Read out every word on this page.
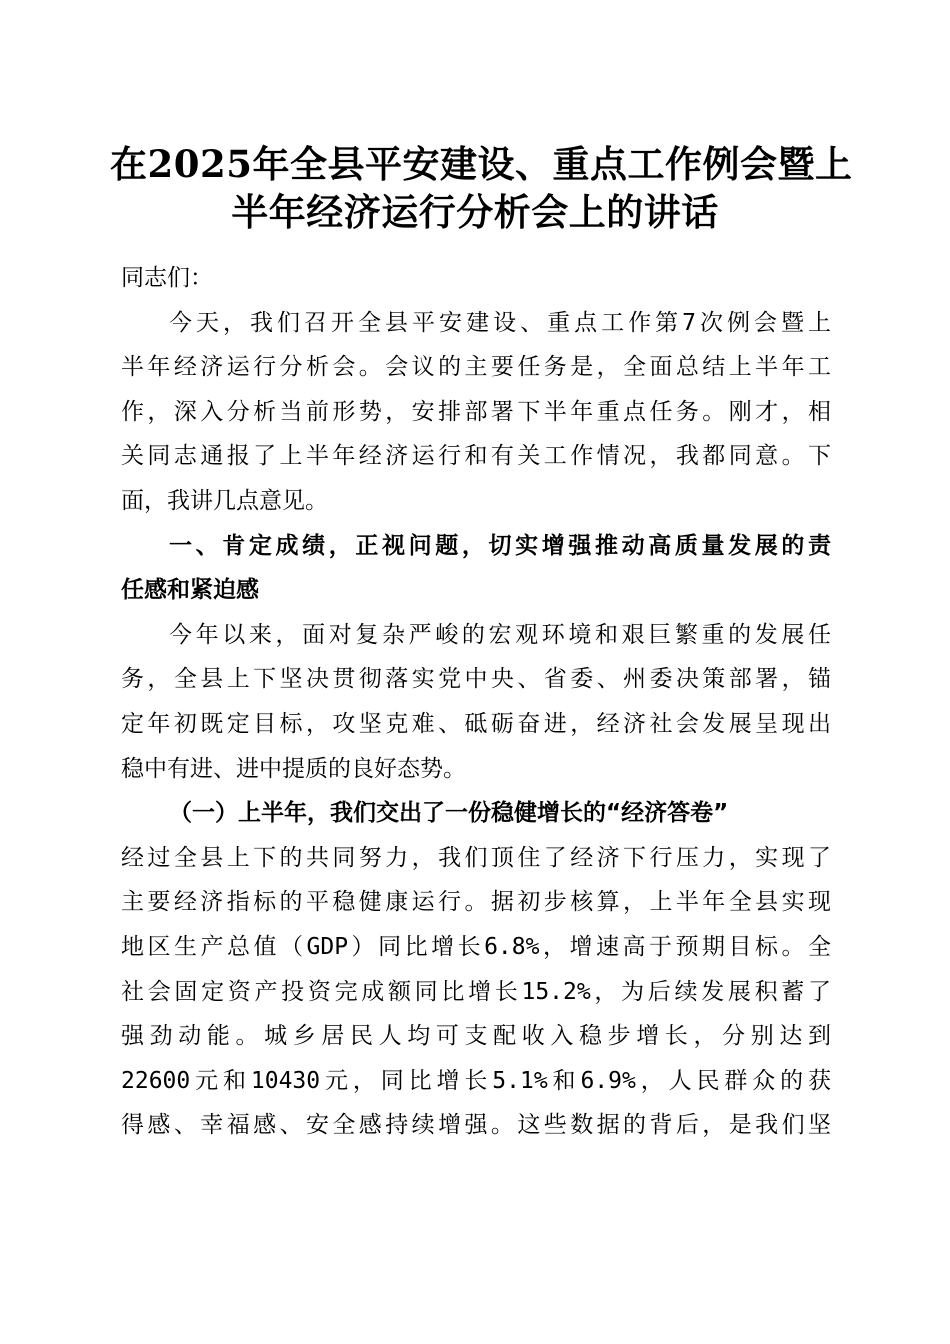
在2025年全县平安建设、重点工作例会暨上
半年经济运行分析会上的讲话
同志们：
今天，我们召开全县平安建设、重点工作第7次例会暨上
半年经济运行分析会。会议的主要任务是，全面总结上半年工
作，深入分析当前形势，安排部署下半年重点任务。刚才，相
关同志通报了上半年经济运行和有关工作情况，我都同意。下
面，我讲几点意见。
一、肯定成绩，正视问题，切实增强推动高质量发展的责
任感和紧迫感
今年以来，面对复杂严峻的宏观环境和艰巨繁重的发展任
务，全县上下坚决贯彻落实党中央、省委、州委决策部署，锚
定年初既定目标，攻坚克难、砥砺奋进，经济社会发展呈现出
稳中有进、进中提质的良好态势。
（一）上半年，我们交出了一份稳健增长的“经济答卷”
经过全县上下的共同努力，我们顶住了经济下行压力，实现了
主要经济指标的平稳健康运行。据初步核算，上半年全县实现
地区生产总值（GDP）同比增长6.8%，增速高于预期目标。全
社会固定资产投资完成额同比增长15.2%，为后续发展积蓄了
强劲动能。城乡居民人均可支配收入稳步增长，分别达到
22600元和10430元，同比增长5.1%和6.9%，人民群众的获
得感、幸福感、安全感持续增强。这些数据的背后，是我们坚
